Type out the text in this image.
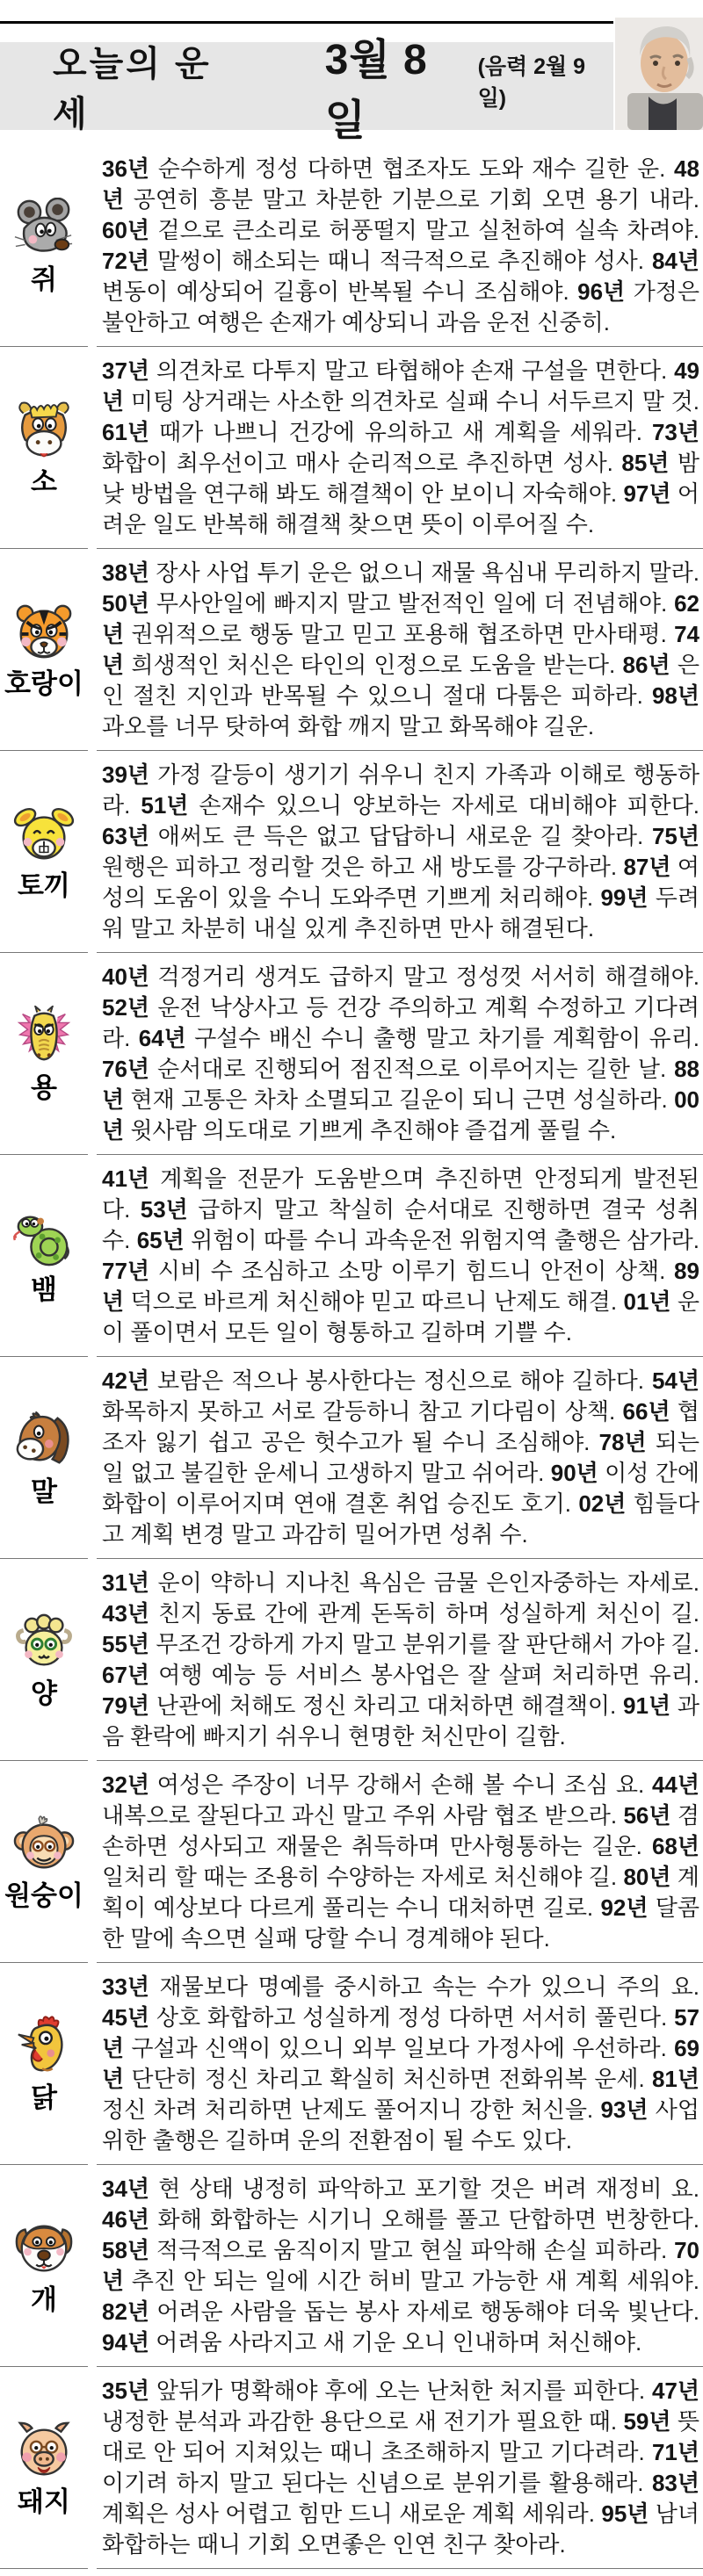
오늘의 운세
3월 8일
(음력 2월 9일)
쥐

36년 순수하게 정성 다하면 협조자도 도와 재수 길한 운. 48년 공연히 흥분 말고 차분한 기분으로 기회 오면 용기 내라. 60년 겉으로 큰소리로 허풍떨지 말고 실천하여 실속 차려야. 72년 말썽이 해소되는 때니 적극적으로 추진해야 성사. 84년 변동이 예상되어 길흉이 반복될 수니 조심해야. 96년 가정은 불안하고 여행은 손재가 예상되니 과음 운전 신중히.

소

37년 의견차로 다투지 말고 타협해야 손재 구설을 면한다. 49년 미팅 상거래는 사소한 의견차로 실패 수니 서두르지 말 것. 61년 때가 나쁘니 건강에 유의하고 새 계획을 세워라. 73년 화합이 최우선이고 매사 순리적으로 추진하면 성사. 85년 밤낮 방법을 연구해 봐도 해결책이 안 보이니 자숙해야. 97년 어려운 일도 반복해 해결책 찾으면 뜻이 이루어질 수.

호랑이

38년 장사 사업 투기 운은 없으니 재물 욕심내 무리하지 말라. 50년 무사안일에 빠지지 말고 발전적인 일에 더 전념해야. 62년 권위적으로 행동 말고 믿고 포용해 협조하면 만사태평. 74년 희생적인 처신은 타인의 인정으로 도움을 받는다. 86년 은인 절친 지인과 반목될 수 있으니 절대 다툼은 피하라. 98년 과오를 너무 탓하여 화합 깨지 말고 화목해야 길운.

토끼

39년 가정 갈등이 생기기 쉬우니 친지 가족과 이해로 행동하라. 51년 손재수 있으니 양보하는 자세로 대비해야 피한다. 63년 애써도 큰 득은 없고 답답하니 새로운 길 찾아라. 75년 원행은 피하고 정리할 것은 하고 새 방도를 강구하라. 87년 여성의 도움이 있을 수니 도와주면 기쁘게 처리해야. 99년 두려워 말고 차분히 내실 있게 추진하면 만사 해결된다.

용

40년 걱정거리 생겨도 급하지 말고 정성껏 서서히 해결해야. 52년 운전 낙상사고 등 건강 주의하고 계획 수정하고 기다려라. 64년 구설수 배신 수니 출행 말고 차기를 계획함이 유리. 76년 순서대로 진행되어 점진적으로 이루어지는 길한 날. 88년 현재 고통은 차차 소멸되고 길운이 되니 근면 성실하라. 00년 윗사람 의도대로 기쁘게 추진해야 즐겁게 풀릴 수.

뱀

41년 계획을 전문가 도움받으며 추진하면 안정되게 발전된다. 53년 급하지 말고 착실히 순서대로 진행하면 결국 성취 수. 65년 위험이 따를 수니 과속운전 위험지역 출행은 삼가라. 77년 시비 수 조심하고 소망 이루기 힘드니 안전이 상책. 89년 덕으로 바르게 처신해야 믿고 따르니 난제도 해결. 01년 운이 풀이면서 모든 일이 형통하고 길하며 기쁠 수.

말

42년 보람은 적으나 봉사한다는 정신으로 해야 길하다. 54년 화목하지 못하고 서로 갈등하니 참고 기다림이 상책. 66년 협조자 잃기 쉽고 공은 헛수고가 될 수니 조심해야. 78년 되는 일 없고 불길한 운세니 고생하지 말고 쉬어라. 90년 이성 간에 화합이 이루어지며 연애 결혼 취업 승진도 호기. 02년 힘들다고 계획 변경 말고 과감히 밀어가면 성취 수.

양

31년 운이 약하니 지나친 욕심은 금물 은인자중하는 자세로. 43년 친지 동료 간에 관계 돈독히 하며 성실하게 처신이 길. 55년 무조건 강하게 가지 말고 분위기를 잘 판단해서 가야 길. 67년 여행 예능 등 서비스 봉사업은 잘 살펴 처리하면 유리. 79년 난관에 처해도 정신 차리고 대처하면 해결책이. 91년 과음 환락에 빠지기 쉬우니 현명한 처신만이 길함.

원숭이

32년 여성은 주장이 너무 강해서 손해 볼 수니 조심 요. 44년 내복으로 잘된다고 과신 말고 주위 사람 협조 받으라. 56년 겸손하면 성사되고 재물은 취득하며 만사형통하는 길운. 68년 일처리 할 때는 조용히 수양하는 자세로 처신해야 길. 80년 계획이 예상보다 다르게 풀리는 수니 대처하면 길로. 92년 달콤한 말에 속으면 실패 당할 수니 경계해야 된다.

닭

33년 재물보다 명예를 중시하고 속는 수가 있으니 주의 요. 45년 상호 화합하고 성실하게 정성 다하면 서서히 풀린다. 57년 구설과 신액이 있으니 외부 일보다 가정사에 우선하라. 69년 단단히 정신 차리고 확실히 처신하면 전화위복 운세. 81년 정신 차려 처리하면 난제도 풀어지니 강한 처신을. 93년 사업 위한 출행은 길하며 운의 전환점이 될 수도 있다.

개

34년 현 상태 냉정히 파악하고 포기할 것은 버려 재정비 요. 46년 화해 화합하는 시기니 오해를 풀고 단합하면 번창한다. 58년 적극적으로 움직이지 말고 현실 파악해 손실 피하라. 70년 추진 안 되는 일에 시간 허비 말고 가능한 새 계획 세워야. 82년 어려운 사람을 돕는 봉사 자세로 행동해야 더욱 빛난다. 94년 어려움 사라지고 새 기운 오니 인내하며 처신해야.

돼지

35년 앞뒤가 명확해야 후에 오는 난처한 처지를 피한다. 47년 냉정한 분석과 과감한 용단으로 새 전기가 필요한 때. 59년 뜻대로 안 되어 지쳐있는 때니 초조해하지 말고 기다려라. 71년 이기려 하지 말고 된다는 신념으로 분위기를 활용해라. 83년 계획은 성사 어렵고 힘만 드니 새로운 계획 세워라. 95년 남녀 화합하는 때니 기회 오면좋은 인연 친구 찾아라.
